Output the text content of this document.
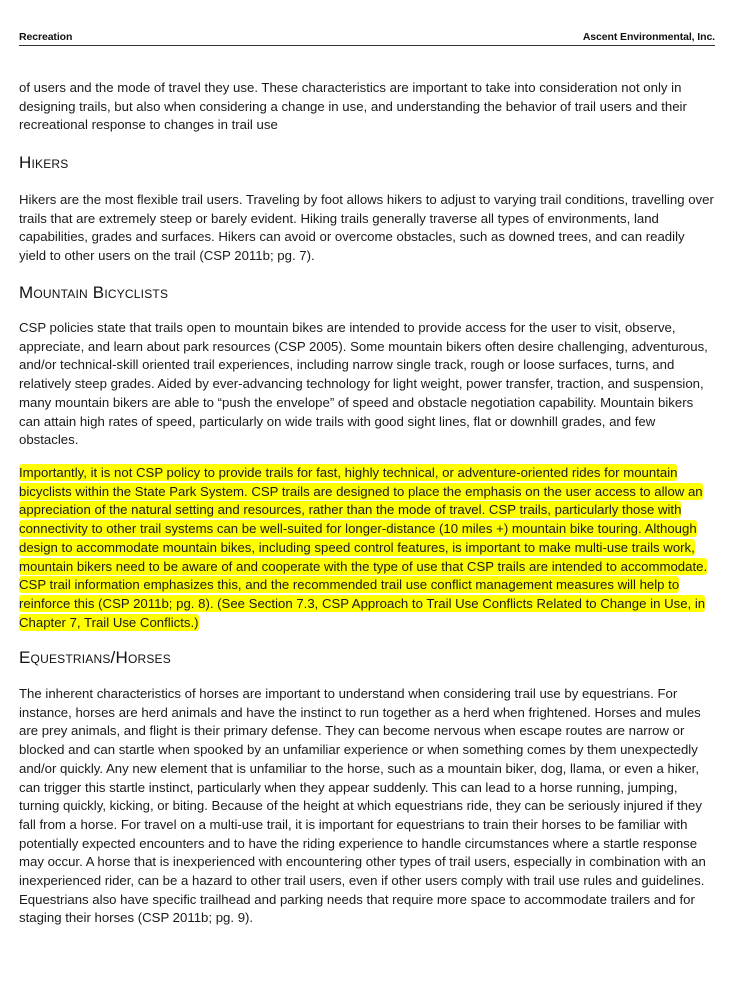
Recreation	Ascent Environmental, Inc.

of users and the mode of travel they use. These characteristics are important to take into consideration not only in designing trails, but also when considering a change in use, and understanding the behavior of trail users and their recreational response to changes in trail use

Hikers

Hikers are the most flexible trail users. Traveling by foot allows hikers to adjust to varying trail conditions, travelling over trails that are extremely steep or barely evident. Hiking trails generally traverse all types of environments, land capabilities, grades and surfaces. Hikers can avoid or overcome obstacles, such as downed trees, and can readily yield to other users on the trail (CSP 2011b; pg. 7).

Mountain Bicyclists

CSP policies state that trails open to mountain bikes are intended to provide access for the user to visit, observe, appreciate, and learn about park resources (CSP 2005). Some mountain bikers often desire challenging, adventurous, and/or technical-skill oriented trail experiences, including narrow single track, rough or loose surfaces, turns, and relatively steep grades. Aided by ever-advancing technology for light weight, power transfer, traction, and suspension, many mountain bikers are able to “push the envelope” of speed and obstacle negotiation capability. Mountain bikers can attain high rates of speed, particularly on wide trails with good sight lines, flat or downhill grades, and few obstacles.

Importantly, it is not CSP policy to provide trails for fast, highly technical, or adventure-oriented rides for mountain bicyclists within the State Park System. CSP trails are designed to place the emphasis on the user access to allow an appreciation of the natural setting and resources, rather than the mode of travel. CSP trails, particularly those with connectivity to other trail systems can be well-suited for longer-distance (10 miles +) mountain bike touring. Although design to accommodate mountain bikes, including speed control features, is important to make multi-use trails work, mountain bikers need to be aware of and cooperate with the type of use that CSP trails are intended to accommodate. CSP trail information emphasizes this, and the recommended trail use conflict management measures will help to reinforce this (CSP 2011b; pg. 8). (See Section 7.3, CSP Approach to Trail Use Conflicts Related to Change in Use, in Chapter 7, Trail Use Conflicts.)

Equestrians/Horses

The inherent characteristics of horses are important to understand when considering trail use by equestrians. For instance, horses are herd animals and have the instinct to run together as a herd when frightened. Horses and mules are prey animals, and flight is their primary defense. They can become nervous when escape routes are narrow or blocked and can startle when spooked by an unfamiliar experience or when something comes by them unexpectedly and/or quickly. Any new element that is unfamiliar to the horse, such as a mountain biker, dog, llama, or even a hiker, can trigger this startle instinct, particularly when they appear suddenly. This can lead to a horse running, jumping, turning quickly, kicking, or biting. Because of the height at which equestrians ride, they can be seriously injured if they fall from a horse. For travel on a multi-use trail, it is important for equestrians to train their horses to be familiar with potentially expected encounters and to have the riding experience to handle circumstances where a startle response may occur. A horse that is inexperienced with encountering other types of trail users, especially in combination with an inexperienced rider, can be a hazard to other trail users, even if other users comply with trail use rules and guidelines. Equestrians also have specific trailhead and parking needs that require more space to accommodate trailers and for staging their horses (CSP 2011b; pg. 9).
